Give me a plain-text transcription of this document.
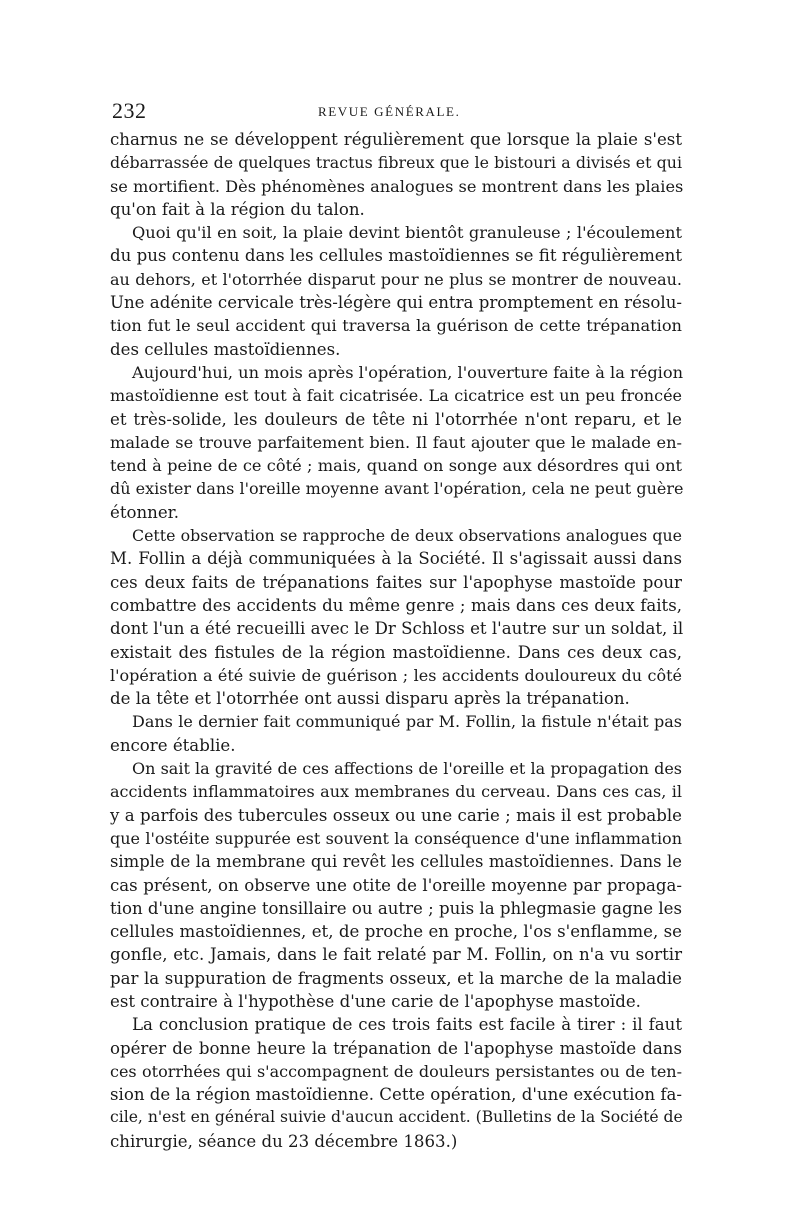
232	REVUE GÉNÉRALE.
charnus ne se développent régulièrement que lorsque la plaie s'est
débarrassée de quelques tractus fibreux que le bistouri a divisés et qui
se mortifient. Dès phénomènes analogues se montrent dans les plaies
qu'on fait à la région du talon.
Quoi qu'il en soit, la plaie devint bientôt granuleuse ; l'écoulement
du pus contenu dans les cellules mastoïdiennes se fit régulièrement
au dehors, et l'otorrhée disparut pour ne plus se montrer de nouveau.
Une adénite cervicale très-légère qui entra promptement en résolu-
tion fut le seul accident qui traversa la guérison de cette trépanation
des cellules mastoïdiennes.
Aujourd'hui, un mois après l'opération, l'ouverture faite à la région
mastoïdienne est tout à fait cicatrisée. La cicatrice est un peu froncée
et très-solide, les douleurs de tête ni l'otorrhée n'ont reparu, et le
malade se trouve parfaitement bien. Il faut ajouter que le malade en-
tend à peine de ce côté ; mais, quand on songe aux désordres qui ont
dû exister dans l'oreille moyenne avant l'opération, cela ne peut guère
étonner.
Cette observation se rapproche de deux observations analogues que
M. Follin a déjà communiquées à la Société. Il s'agissait aussi dans
ces deux faits de trépanations faites sur l'apophyse mastoïde pour
combattre des accidents du même genre ; mais dans ces deux faits,
dont l'un a été recueilli avec le Dr Schloss et l'autre sur un soldat, il
existait des fistules de la région mastoïdienne. Dans ces deux cas,
l'opération a été suivie de guérison ; les accidents douloureux du côté
de la tête et l'otorrhée ont aussi disparu après la trépanation.
Dans le dernier fait communiqué par M. Follin, la fistule n'était pas
encore établie.
On sait la gravité de ces affections de l'oreille et la propagation des
accidents inflammatoires aux membranes du cerveau. Dans ces cas, il
y a parfois des tubercules osseux ou une carie ; mais il est probable
que l'ostéite suppurée est souvent la conséquence d'une inflammation
simple de la membrane qui revêt les cellules mastoïdiennes. Dans le
cas présent, on observe une otite de l'oreille moyenne par propaga-
tion d'une angine tonsillaire ou autre ; puis la phlegmasie gagne les
cellules mastoïdiennes, et, de proche en proche, l'os s'enflamme, se
gonfle, etc. Jamais, dans le fait relaté par M. Follin, on n'a vu sortir
par la suppuration de fragments osseux, et la marche de la maladie
est contraire à l'hypothèse d'une carie de l'apophyse mastoïde.
La conclusion pratique de ces trois faits est facile à tirer : il faut
opérer de bonne heure la trépanation de l'apophyse mastoïde dans
ces otorrhées qui s'accompagnent de douleurs persistantes ou de ten-
sion de la région mastoïdienne. Cette opération, d'une exécution fa-
cile, n'est en général suivie d'aucun accident. (Bulletins de la Société de
chirurgie, séance du 23 décembre 1863.)
